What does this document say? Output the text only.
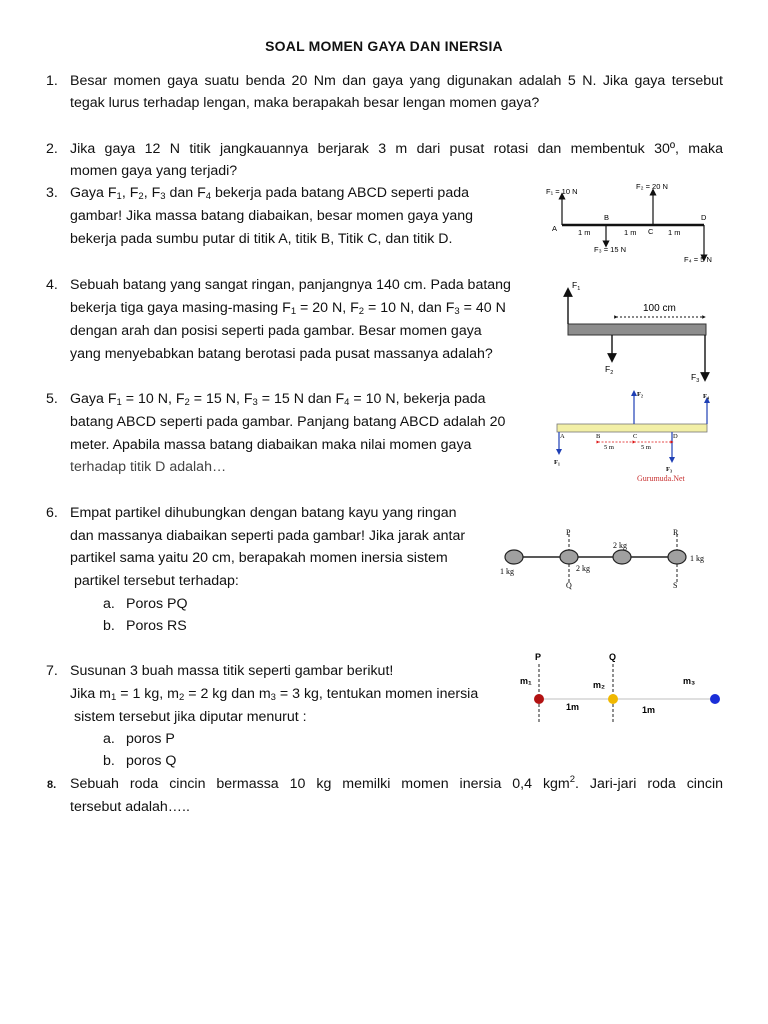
SOAL MOMEN GAYA DAN INERSIA
1. Besar momen gaya suatu benda 20 Nm dan gaya yang digunakan adalah 5 N. Jika gaya tersebut
tegak lurus terhadap lengan, maka berapakah besar lengan momen gaya?
2. Jika gaya 12 N titik jangkauannya berjarak 3 m dari pusat rotasi dan membentuk 30º, maka
momen gaya yang terjadi?
3. Gaya $F_1$, $F_2$, $F_3$ dan $F_4$ bekerja pada batang ABCD seperti pada
gambar! Jika massa batang diabaikan, besar momen gaya yang
bekerja pada sumbu putar di titik A, titik B, Titik C, dan titik D.
4. Sebuah batang yang sangat ringan, panjangnya 140 cm. Pada batang
bekerja tiga gaya masing-masing $F_1 = 20$ N, $F_2 = 10$ N, dan $F_3 = 40$ N
dengan arah dan posisi seperti pada gambar. Besar momen gaya
yang menyebabkan batang berotasi pada pusat massanya adalah?
5. Gaya $F_1 = 10$ N, $F_2 = 15$ N, $F_3 = 15$ N dan $F_4 = 10$ N, bekerja pada
batang ABCD seperti pada gambar. Panjang batang ABCD adalah 20
meter. Apabila massa batang diabaikan maka nilai momen gaya
terhadap titik D adalah…
6. Empat partikel dihubungkan dengan batang kayu yang ringan
dan massanya diabaikan seperti pada gambar! Jika jarak antar
partikel sama yaitu 20 cm, berapakah momen inersia sistem
partikel tersebut terhadap:
a. Poros PQ
b. Poros RS
7. Susunan 3 buah massa titik seperti gambar berikut!
Jika $m_1 = 1$ kg, $m_2 = 2$ kg dan $m_3 = 3$ kg, tentukan momen inersia
sistem tersebut jika diputar menurut :
a. poros P
b. poros Q
8. Sebuah roda cincin bermassa 10 kg memilki momen inersia 0,4 kgm$^2$. Jari-jari roda cincin
tersebut adalah…..
F₁ = 10 N
F₂ = 20 N
F₃ = 15 N
F₄ = 5 N
A
B
C
D
1 m	1 m	1 m
$F_1$
$F_2$	$F_3$
100 cm
A	B	C	D
F₁
F₂
F₃
F₄
5 m	5 m
Gurumuda.Net
P
Q
R
S
1 kg	2 kg
2 kg
1 kg
P	Q
m₁	m₂	m₃
1m	1m
